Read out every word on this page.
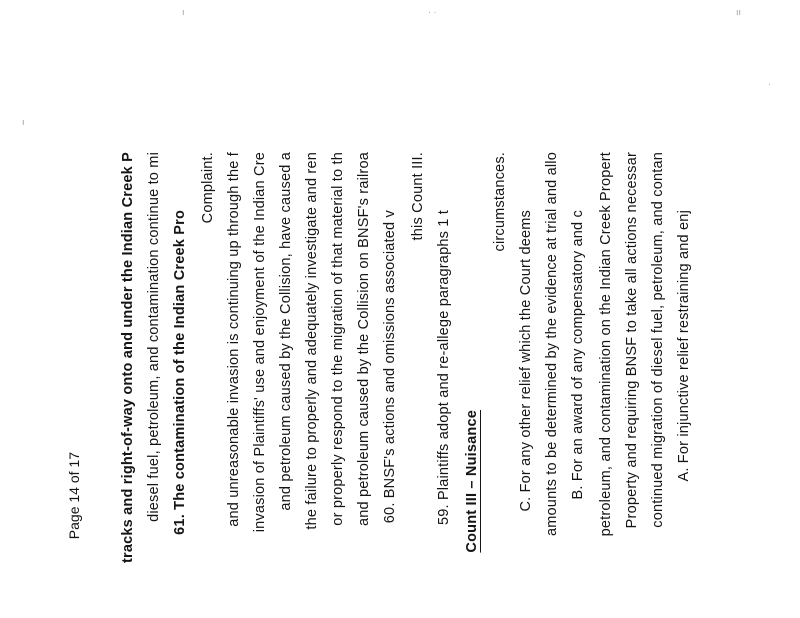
ı	· ·	ıı
·
ı
A. For injunctive relief restraining and enj
continued migration of diesel fuel, petroleum, and contan
Property and requiring BNSF to take all actions necessar
petroleum, and contamination on the Indian Creek Propert
B. For an award of any compensatory and c
amounts to be determined by the evidence at trial and allo
C. For any other relief which the Court deems
circumstances.
Count III – Nuisance
59. Plaintiffs adopt and re-allege paragraphs 1 t
this Count III.
60. BNSF's actions and omissions associated v
and petroleum caused by the Collision on BNSF's railroa
or properly respond to the migration of that material to th
the failure to properly and adequately investigate and ren
and petroleum caused by the Collision, have caused a
invasion of Plaintiffs' use and enjoyment of the Indian Cre
and unreasonable invasion is continuing up through the f
Complaint.
61. The contamination of the Indian Creek Pro
diesel fuel, petroleum, and contamination continue to mi
tracks and right-of-way onto and under the Indian Creek P
Page 14 of 17
